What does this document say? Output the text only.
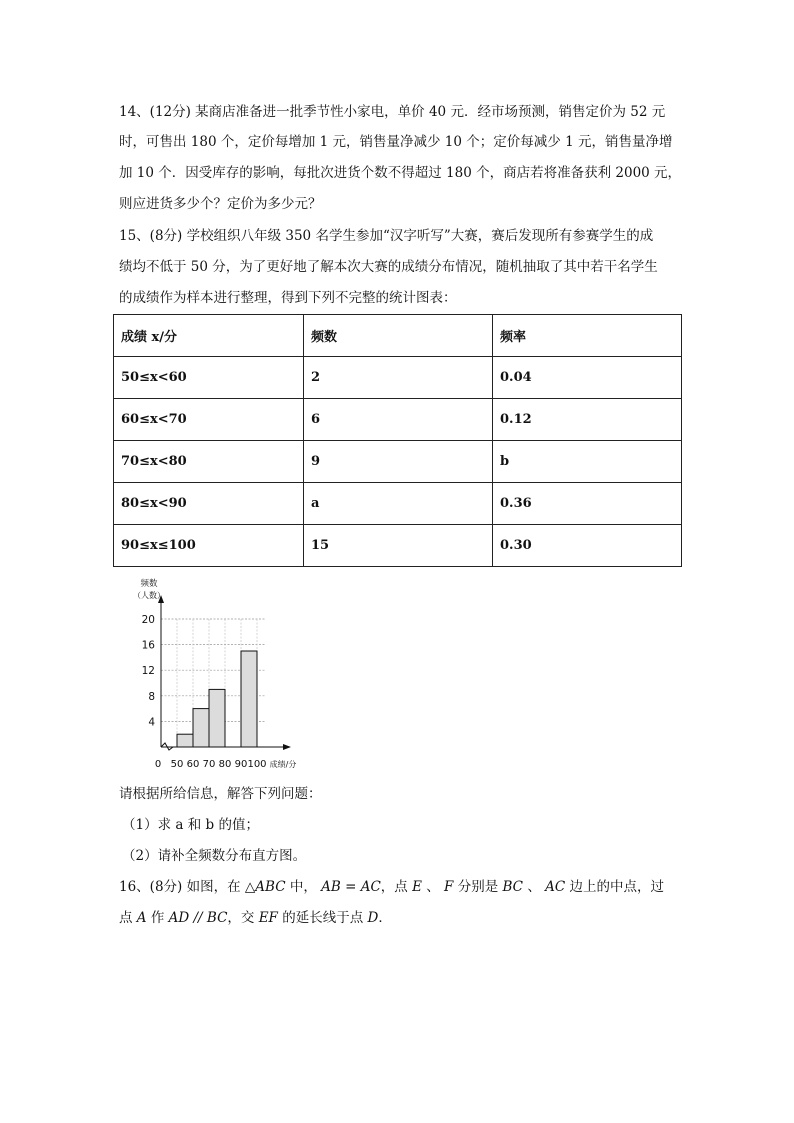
14、(12分) 某商店准备进一批季节性小家电，单价 40 元．经市场预测，销售定价为 52 元
时，可售出 180 个，定价每增加 1 元，销售量净减少 10 个；定价每减少 1 元，销售量净增
加 10 个．因受库存的影响，每批次进货个数不得超过 180 个，商店若将准备获利 2000 元，
则应进货多少个？定价为多少元？
15、(8分) 学校组织八年级 350 名学生参加“汉字听写”大赛，赛后发现所有参赛学生的成
绩均不低于 50 分，为了更好地了解本次大赛的成绩分布情况，随机抽取了其中若干名学生
的成绩作为样本进行整理，得到下列不完整的统计图表：
成绩 x/分	频数	频率
50≤x<60	2	0.04
60≤x<70	6	0.12
70≤x<80	9	b
80≤x<90	a	0.36
90≤x≤100	15	0.30
4
8
12
16
20
0 50 60 70 80 90 100
频数
（人数）
成绩/分
请根据所给信息，解答下列问题：
（1）求 a 和 b 的值；
（2）请补全频数分布直方图。
16、(8分) 如图，在 △ABC 中， AB = AC，点 E 、 F 分别是 BC 、 AC 边上的中点，过
点 A 作 AD // BC，交 EF 的延长线于点 D．
